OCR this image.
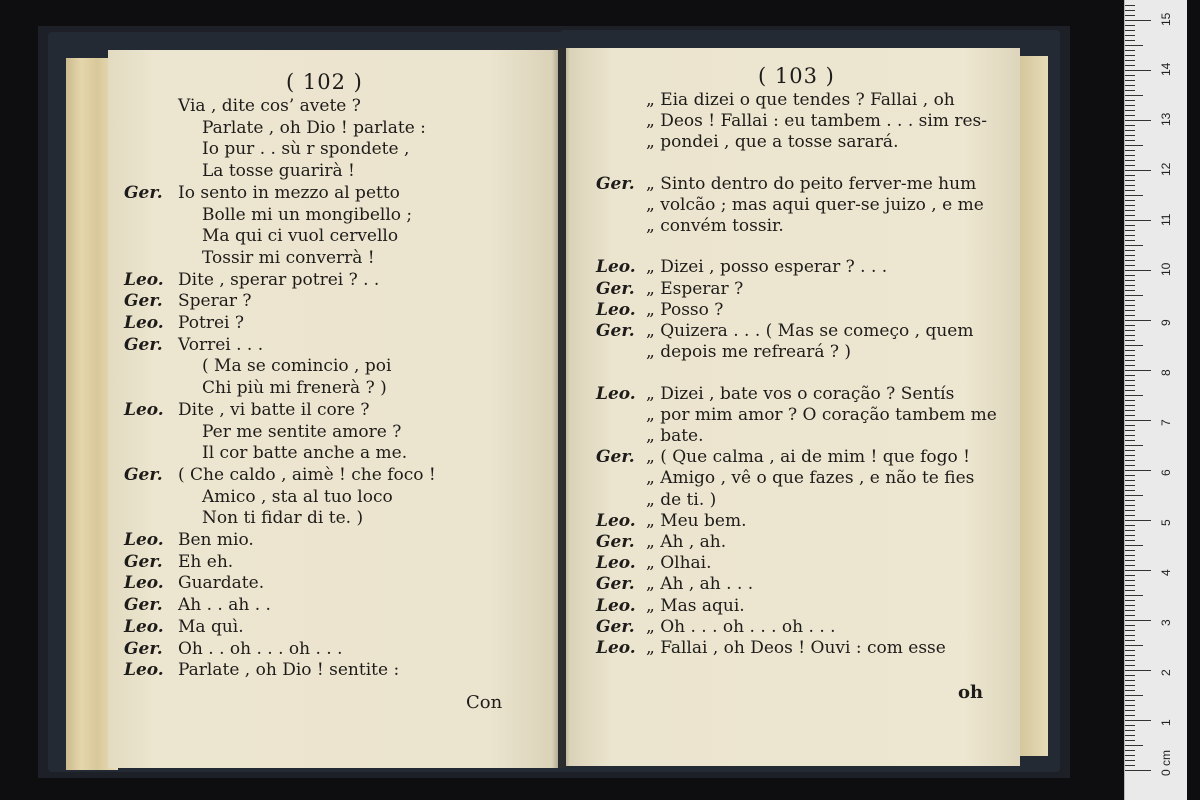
( 102 )
Via , dite cos’ avete ?
Parlate , oh Dio ! parlate :
Io pur . . sù r spondete ,
La tosse guarirà !
Ger. Io sento in mezzo al petto
Bolle mi un mongibello ;
Ma qui ci vuol cervello
Tossir mi converrà !
Leo. Dite , sperar potrei ? . .
Ger. Sperar ?
Leo. Potrei ?
Ger. Vorrei . . .
( Ma se comincio , poi
Chi più mi frenerà ? )
Leo. Dite , vi batte il core ?
Per me sentite amore ?
Il cor batte anche a me.
Ger. ( Che caldo , aimè ! che foco !
Amico , sta al tuo loco
Non ti fidar di te. )
Leo. Ben mio.
Ger. Eh eh.
Leo. Guardate.
Ger. Ah . . ah . .
Leo. Ma quì.
Ger. Oh . . oh . . . oh . . .
Leo. Parlate , oh Dio ! sentite :
Con
( 103 )
„ Eia dizei o que tendes ? Fallai , oh
„ Deos ! Fallai : eu tambem . . . sim res-
„ pondei , que a tosse sarará.
Ger. „ Sinto dentro do peito ferver-me hum
„ volcão ; mas aqui quer-se juizo , e me
„ convém tossir.
Leo. „ Dizei , posso esperar ? . . .
Ger. „ Esperar ?
Leo. „ Posso ?
Ger. „ Quizera . . . ( Mas se começo , quem
„ depois me refreará ? )
Leo. „ Dizei , bate vos o coração ? Sentís
„ por mim amor ? O coração tambem me
„ bate.
Ger. „ ( Que calma , ai de mim ! que fogo !
„ Amigo , vê o que fazes , e não te fies
„ de ti. )
Leo. „ Meu bem.
Ger. „ Ah , ah.
Leo. „ Olhai.
Ger. „ Ah , ah . . .
Leo. „ Mas aqui.
Ger. „ Oh . . . oh . . . oh . . .
Leo. „ Fallai , oh Deos ! Ouvi : com esse
oh
0 cm
1
2
3
4
5
6
7
8
9
10
11
12
13
14
15
